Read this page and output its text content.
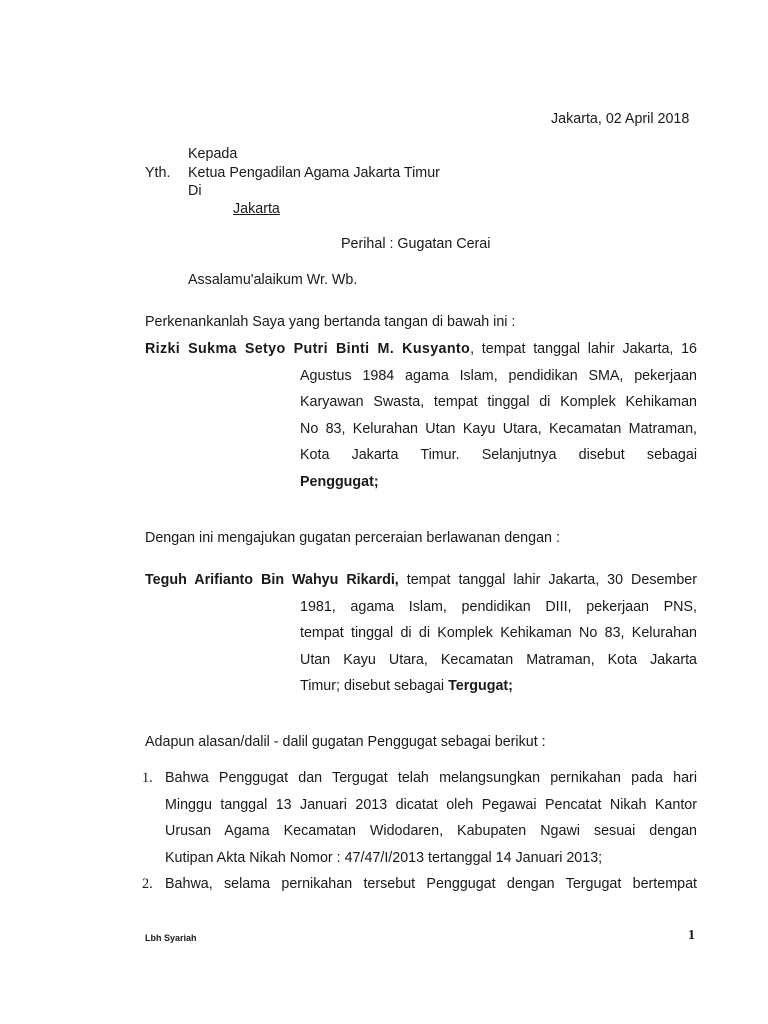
Jakarta, 02 April 2018
Kepada
Yth. Ketua Pengadilan Agama Jakarta Timur
Di
Jakarta
Perihal : Gugatan Cerai
Assalamu'alaikum Wr. Wb.
Perkenankanlah Saya yang bertanda tangan di bawah ini :
Rizki Sukma Setyo Putri Binti M. Kusyanto, tempat tanggal lahir Jakarta, 16
Agustus 1984 agama Islam, pendidikan SMA, pekerjaan
Karyawan Swasta, tempat tinggal di Komplek Kehikaman
No 83, Kelurahan Utan Kayu Utara, Kecamatan Matraman,
Kota Jakarta Timur. Selanjutnya disebut sebagai
Penggugat;
Dengan ini mengajukan gugatan perceraian berlawanan dengan :
Teguh Arifianto Bin Wahyu Rikardi, tempat tanggal lahir Jakarta, 30 Desember
1981, agama Islam, pendidikan DIII, pekerjaan PNS,
tempat tinggal di di Komplek Kehikaman No 83, Kelurahan
Utan Kayu Utara, Kecamatan Matraman, Kota Jakarta
Timur; disebut sebagai Tergugat;
Adapun alasan/dalil - dalil gugatan Penggugat sebagai berikut :
1. Bahwa Penggugat dan Tergugat telah melangsungkan pernikahan pada hari
Minggu tanggal 13 Januari 2013 dicatat oleh Pegawai Pencatat Nikah Kantor
Urusan Agama Kecamatan Widodaren, Kabupaten Ngawi sesuai dengan
Kutipan Akta Nikah Nomor : 47/47/I/2013 tertanggal 14 Januari 2013;
2. Bahwa, selama pernikahan tersebut Penggugat dengan Tergugat bertempat
Lbh Syariah	1
